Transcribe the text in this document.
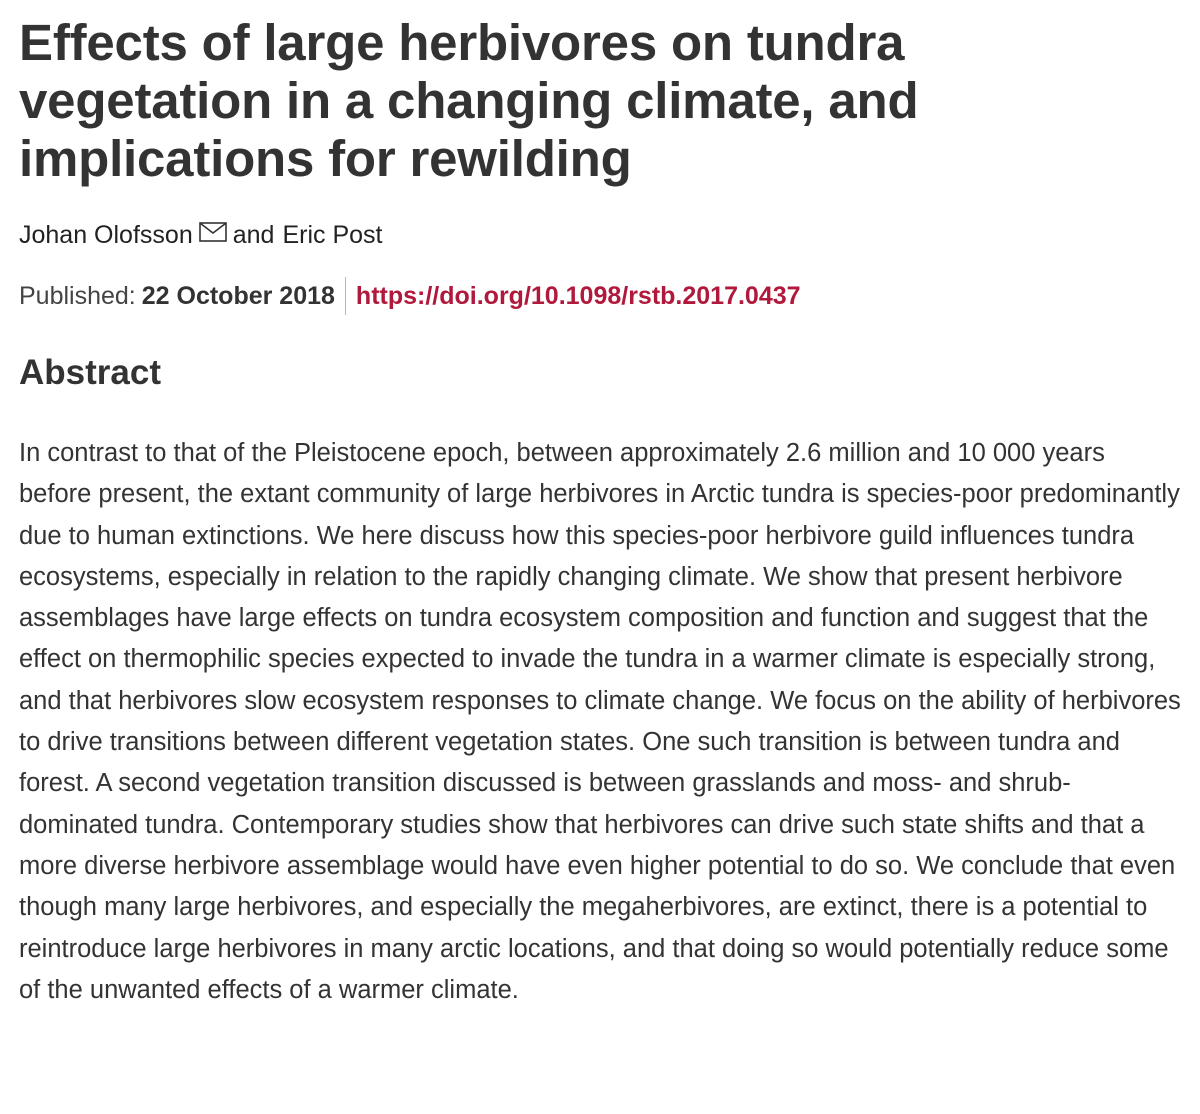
Effects of large herbivores on tundra vegetation in a changing climate, and implications for rewilding
Johan Olofsson and Eric Post
Published: 22 October 2018 https://doi.org/10.1098/rstb.2017.0437
Abstract

In contrast to that of the Pleistocene epoch, between approximately 2.6 million and 10 000 years before present, the extant community of large herbivores in Arctic tundra is species-poor predominantly due to human extinctions. We here discuss how this species-poor herbivore guild influences tundra ecosystems, especially in relation to the rapidly changing climate. We show that present herbivore assemblages have large effects on tundra ecosystem composition and function and suggest that the effect on thermophilic species expected to invade the tundra in a warmer climate is especially strong, and that herbivores slow ecosystem responses to climate change. We focus on the ability of herbivores to drive transitions between different vegetation states. One such transition is between tundra and forest. A second vegetation transition discussed is between grasslands and moss- and shrub-dominated tundra. Contemporary studies show that herbivores can drive such state shifts and that a more diverse herbivore assemblage would have even higher potential to do so. We conclude that even though many large herbivores, and especially the megaherbivores, are extinct, there is a potential to reintroduce large herbivores in many arctic locations, and that doing so would potentially reduce some of the unwanted effects of a warmer climate.
